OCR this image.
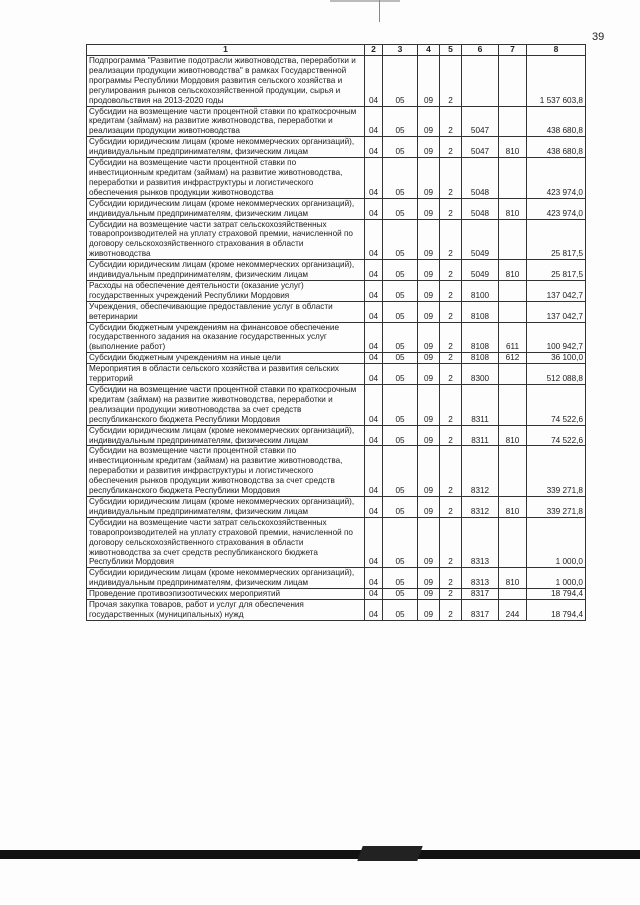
39
1	2	3	4	5	6	7	8
Подпрограмма "Развитие подотрасли животноводства, переработки и реализации продукции животноводства" в рамках Государственной программы Республики Мордовия развития сельского хозяйства и регулирования рынков сельскохозяйственной продукции, сырья и продовольствия на 2013-2020 годы	04	05	09	2			1 537 603,8
Субсидии на возмещение части процентной ставки по краткосрочным кредитам (займам) на развитие животноводства, переработки и реализации продукции животноводства	04	05	09	2	5047		438 680,8
Субсидии юридическим лицам (кроме некоммерческих организаций), индивидуальным предпринимателям, физическим лицам	04	05	09	2	5047	810	438 680,8
Субсидии на возмещение части процентной ставки по инвестиционным кредитам (займам) на развитие животноводства, переработки и развития инфраструктуры и логистического обеспечения рынков продукции животноводства	04	05	09	2	5048		423 974,0
Субсидии юридическим лицам (кроме некоммерческих организаций), индивидуальным предпринимателям, физическим лицам	04	05	09	2	5048	810	423 974,0
Субсидии на возмещение части затрат сельскохозяйственных товаропроизводителей на уплату страховой премии, начисленной по договору сельскохозяйственного страхования в области животноводства	04	05	09	2	5049		25 817,5
Субсидии юридическим лицам (кроме некоммерческих организаций), индивидуальным предпринимателям, физическим лицам	04	05	09	2	5049	810	25 817,5
Расходы на обеспечение деятельности (оказание услуг) государственных учреждений Республики Мордовия	04	05	09	2	8100		137 042,7
Учреждения, обеспечивающие предоставление услуг в области ветеринарии	04	05	09	2	8108		137 042,7
Субсидии бюджетным учреждениям на финансовое обеспечение государственного задания на оказание государственных услуг (выполнение работ)	04	05	09	2	8108	611	100 942,7
Субсидии бюджетным учреждениям на иные цели	04	05	09	2	8108	612	36 100,0
Мероприятия в области сельского хозяйства и развития сельских территорий	04	05	09	2	8300		512 088,8
Субсидии на возмещение части процентной ставки по краткосрочным кредитам (займам) на развитие животноводства, переработки и реализации продукции животноводства за счет средств республиканского бюджета Республики Мордовия	04	05	09	2	8311		74 522,6
Субсидии юридическим лицам (кроме некоммерческих организаций), индивидуальным предпринимателям, физическим лицам	04	05	09	2	8311	810	74 522,6
Субсидии на возмещение части процентной ставки по инвестиционным кредитам (займам) на развитие животноводства, переработки и развития инфраструктуры и логистического обеспечения рынков продукции животноводства за счет средств республиканского бюджета Республики Мордовия	04	05	09	2	8312		339 271,8
Субсидии юридическим лицам (кроме некоммерческих организаций), индивидуальным предпринимателям, физическим лицам	04	05	09	2	8312	810	339 271,8
Субсидии на возмещение части затрат сельскохозяйственных товаропроизводителей на уплату страховой премии, начисленной по договору сельскохозяйственного страхования в области животноводства за счет средств республиканского бюджета Республики Мордовия	04	05	09	2	8313		1 000,0
Субсидии юридическим лицам (кроме некоммерческих организаций), индивидуальным предпринимателям, физическим лицам	04	05	09	2	8313	810	1 000,0
Проведение противоэпизоотических мероприятий	04	05	09	2	8317		18 794,4
Прочая закупка товаров, работ и услуг для обеспечения государственных (муниципальных) нужд	04	05	09	2	8317	244	18 794,4
